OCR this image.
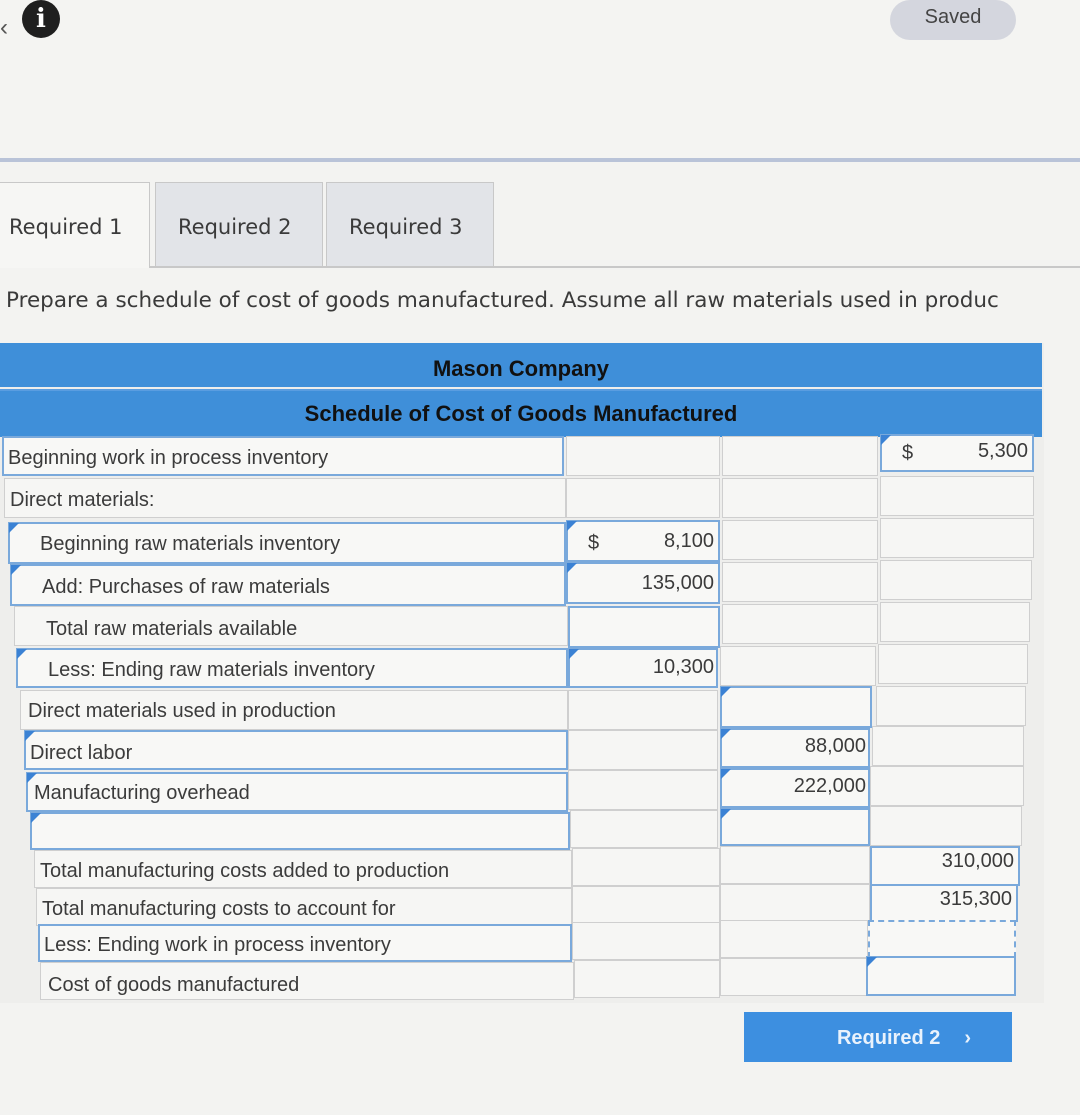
‹	i	Saved
Required 1	Required 2	Required 3
Prepare a schedule of cost of goods manufactured. Assume all raw materials used in produc
Mason Company
Schedule of Cost of Goods Manufactured
Beginning work in process inventory	$	5,300
Direct materials:
Beginning raw materials inventory	$	8,100
Add: Purchases of raw materials	135,000
Total raw materials available
Less: Ending raw materials inventory	10,300
Direct materials used in production
Direct labor	88,000
Manufacturing overhead	222,000
Total manufacturing costs added to production	310,000
Total manufacturing costs to account for	315,300
Less: Ending work in process inventory
Cost of goods manufactured
Required 2 ›
